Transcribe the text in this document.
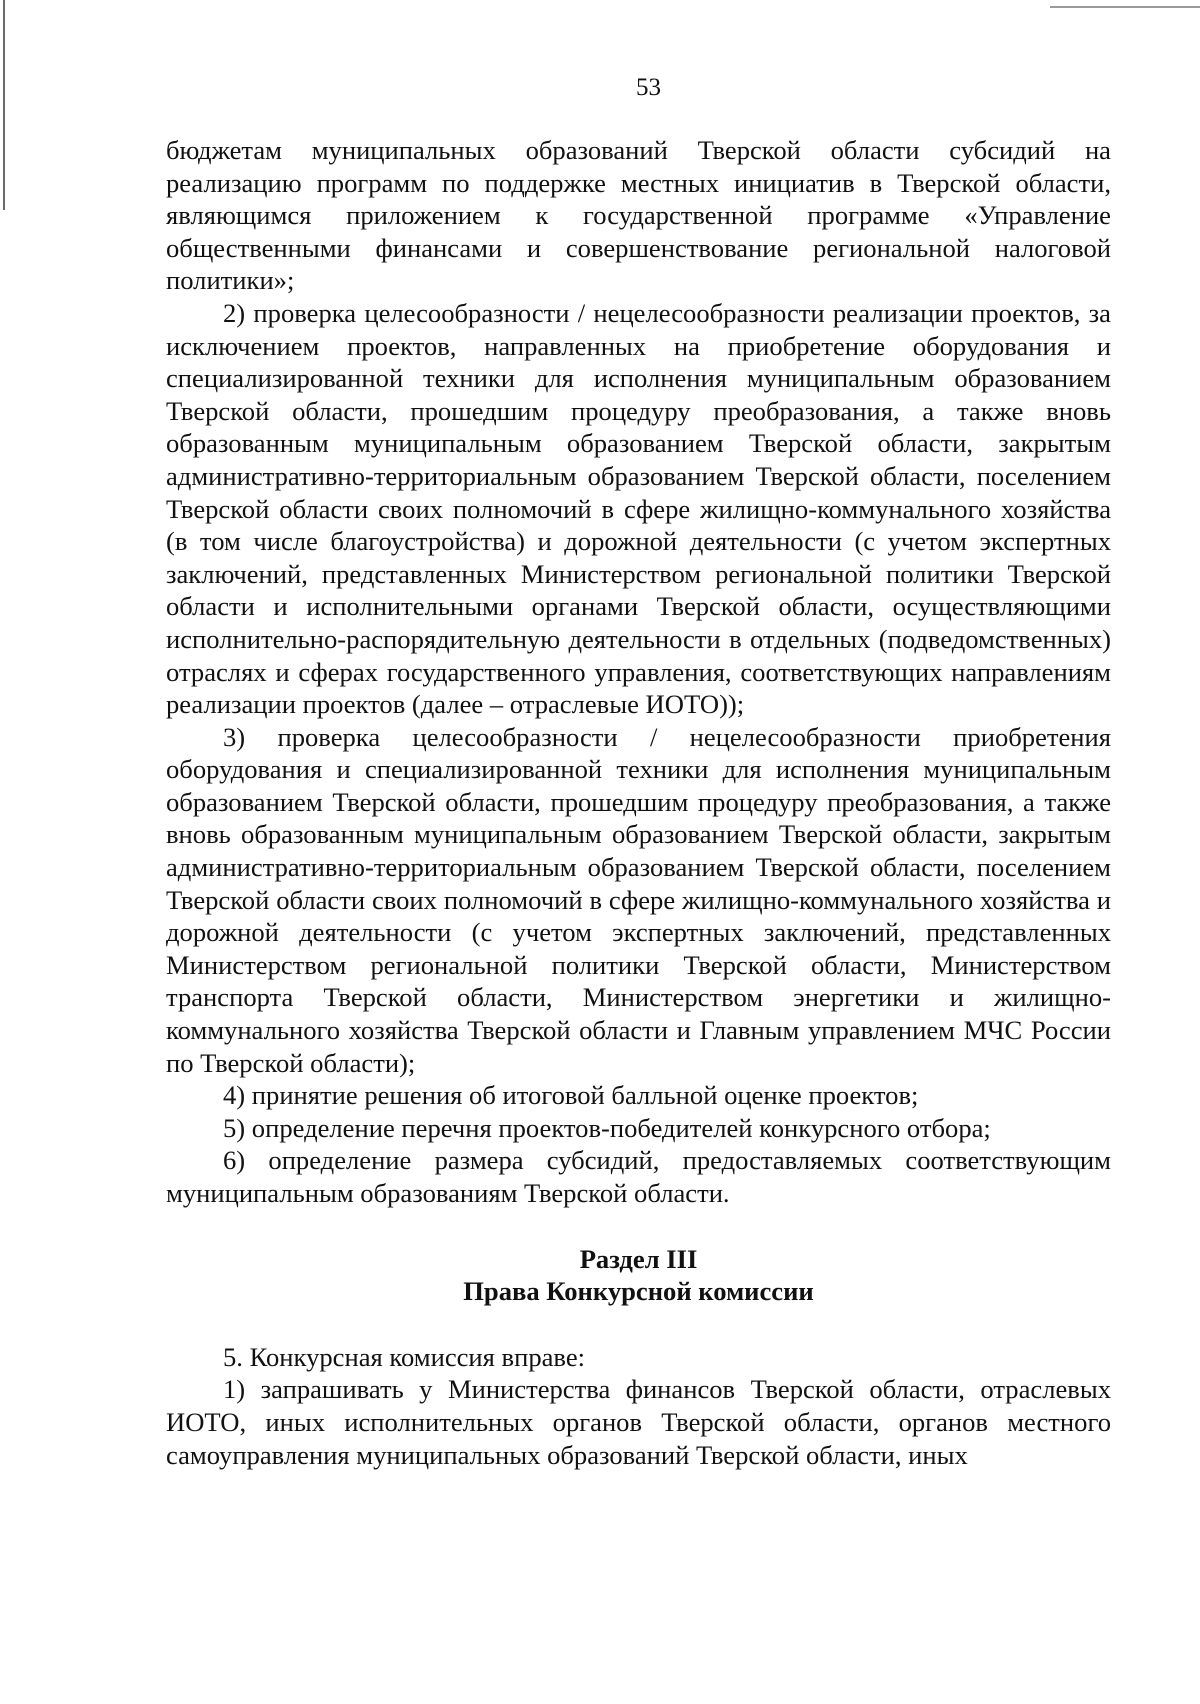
53

бюджетам муниципальных образований Тверской области субсидий на реализацию программ по поддержке местных инициатив в Тверской области, являющимся приложением к государственной программе «Управление общественными финансами и совершенствование региональной налоговой политики»;

2) проверка целесообразности / нецелесообразности реализации проектов, за исключением проектов, направленных на приобретение оборудования и специализированной техники для исполнения муниципальным образованием Тверской области, прошедшим процедуру преобразования, а также вновь образованным муниципальным образованием Тверской области, закрытым административно-территориальным образованием Тверской области, поселением Тверской области своих полномочий в сфере жилищно-коммунального хозяйства (в том числе благоустройства) и дорожной деятельности (с учетом экспертных заключений, представленных Министерством региональной политики Тверской области и исполнительными органами Тверской области, осуществляющими исполнительно-распорядительную деятельности в отдельных (подведомственных) отраслях и сферах государственного управления, соответствующих направлениям реализации проектов (далее – отраслевые ИОТО));

3) проверка целесообразности / нецелесообразности приобретения оборудования и специализированной техники для исполнения муниципальным образованием Тверской области, прошедшим процедуру преобразования, а также вновь образованным муниципальным образованием Тверской области, закрытым административно-территориальным образованием Тверской области, поселением Тверской области своих полномочий в сфере жилищно-коммунального хозяйства и дорожной деятельности (с учетом экспертных заключений, представленных Министерством региональной политики Тверской области, Министерством транспорта Тверской области, Министерством энергетики и жилищно-коммунального хозяйства Тверской области и Главным управлением МЧС России по Тверской области);

4) принятие решения об итоговой балльной оценке проектов;

5) определение перечня проектов-победителей конкурсного отбора;

6) определение размера субсидий, предоставляемых соответствующим муниципальным образованиям Тверской области.

Раздел III

Права Конкурсной комиссии

5. Конкурсная комиссия вправе:

1) запрашивать у Министерства финансов Тверской области, отраслевых ИОТО, иных исполнительных органов Тверской области, органов местного самоуправления муниципальных образований Тверской области, иных
